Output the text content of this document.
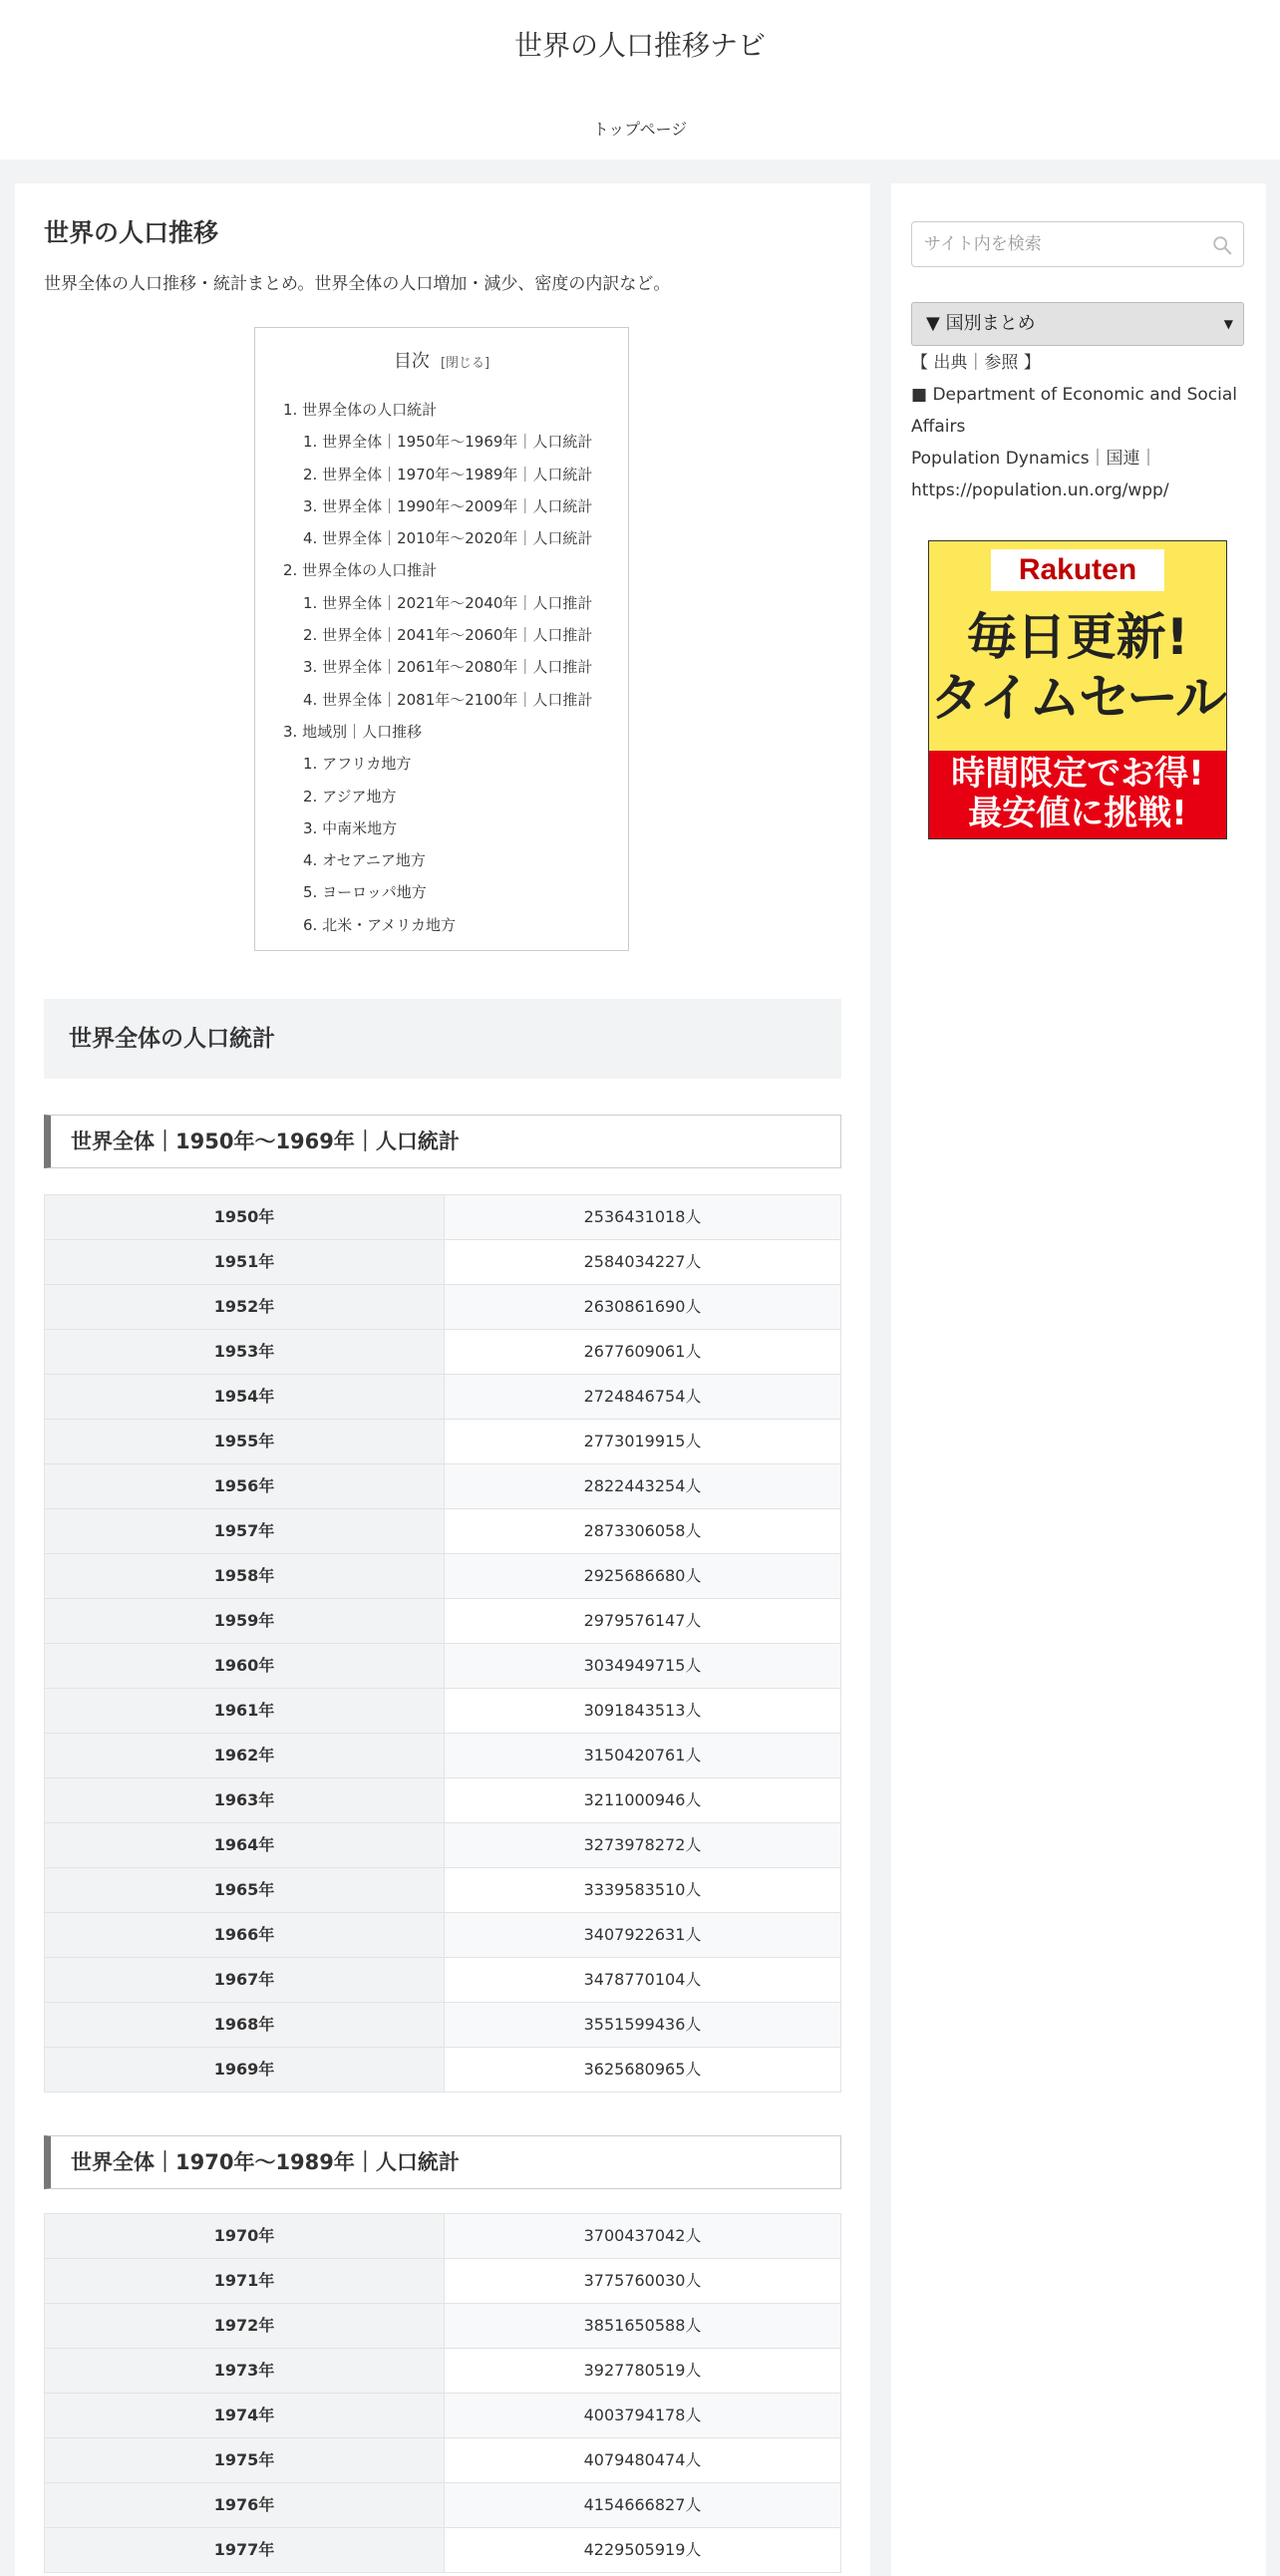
世界の人口推移ナビ
トップページ
世界の人口推移

世界全体の人口推移・統計まとめ。世界全体の人口増加・減少、密度の内訳など。

目次 [閉じる]
1. 世界全体の人口統計
1. 世界全体｜1950年～1969年｜人口統計
2. 世界全体｜1970年～1989年｜人口統計
3. 世界全体｜1990年～2009年｜人口統計
4. 世界全体｜2010年～2020年｜人口統計
2. 世界全体の人口推計
1. 世界全体｜2021年～2040年｜人口推計
2. 世界全体｜2041年～2060年｜人口推計
3. 世界全体｜2061年～2080年｜人口推計
4. 世界全体｜2081年～2100年｜人口推計
3. 地域別｜人口推移
1. アフリカ地方
2. アジア地方
3. 中南米地方
4. オセアニア地方
5. ヨーロッパ地方
6. 北米・アメリカ地方
世界全体の人口統計
世界全体｜1950年～1969年｜人口統計
1950年	2536431018人
1951年	2584034227人
1952年	2630861690人
1953年	2677609061人
1954年	2724846754人
1955年	2773019915人
1956年	2822443254人
1957年	2873306058人
1958年	2925686680人
1959年	2979576147人
1960年	3034949715人
1961年	3091843513人
1962年	3150420761人
1963年	3211000946人
1964年	3273978272人
1965年	3339583510人
1966年	3407922631人
1967年	3478770104人
1968年	3551599436人
1969年	3625680965人
世界全体｜1970年～1989年｜人口統計
1970年	3700437042人
1971年	3775760030人
1972年	3851650588人
1973年	3927780519人
1974年	4003794178人
1975年	4079480474人
1976年	4154666827人
1977年	4229505919人
サイト内を検索
▼ 国別まとめ	▼
【 出典｜参照 】
■ Department of Economic and Social
Affairs
Population Dynamics｜国連｜
https://population.un.org/wpp/
Rakuten
毎日更新!
タイムセール
時間限定でお得!
最安値に挑戦!
